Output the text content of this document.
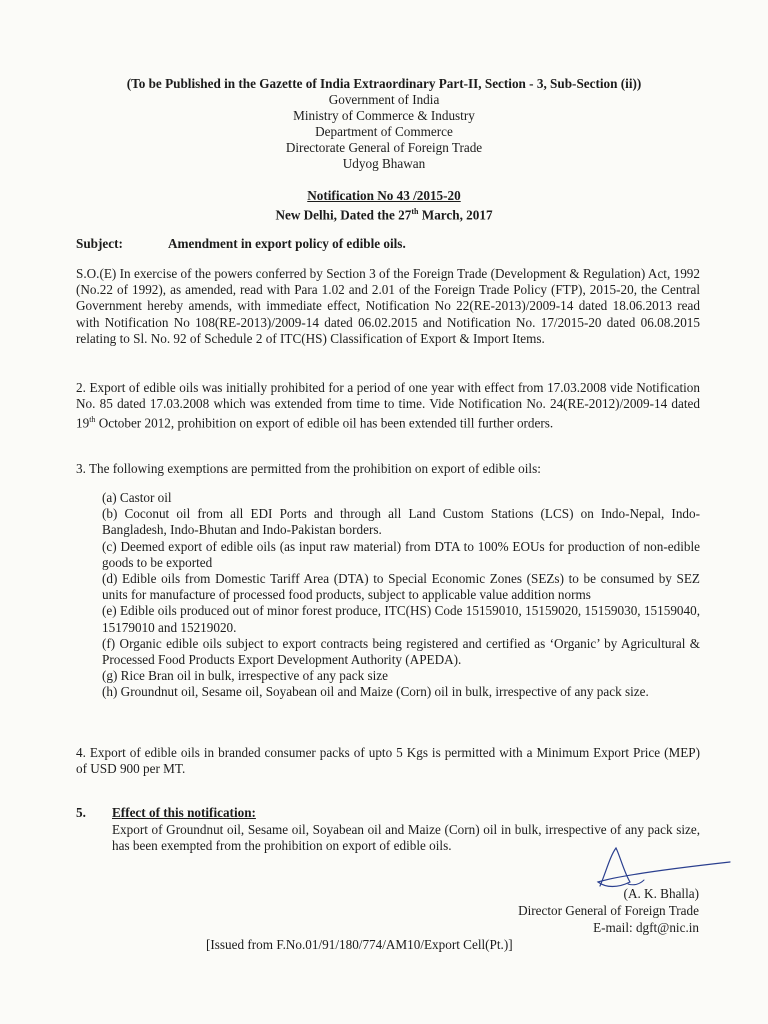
(To be Published in the Gazette of India Extraordinary Part-II, Section - 3, Sub-Section (ii))
Government of India
Ministry of Commerce & Industry
Department of Commerce
Directorate General of Foreign Trade
Udyog Bhawan
Notification No 43 /2015-20
New Delhi, Dated the 27th March, 2017
Subject:	Amendment in export policy of edible oils.
S.O.(E) In exercise of the powers conferred by Section 3 of the Foreign Trade (Development & Regulation) Act, 1992 (No.22 of 1992), as amended, read with Para 1.02 and 2.01 of the Foreign Trade Policy (FTP), 2015-20, the Central Government hereby amends, with immediate effect, Notification No 22(RE-2013)/2009-14 dated 18.06.2013 read with Notification No 108(RE-2013)/2009-14 dated 06.02.2015 and Notification No. 17/2015-20 dated 06.08.2015 relating to Sl. No. 92 of Schedule 2 of ITC(HS) Classification of Export & Import Items.
2. Export of edible oils was initially prohibited for a period of one year with effect from 17.03.2008 vide Notification No. 85 dated 17.03.2008 which was extended from time to time. Vide Notification No. 24(RE-2012)/2009-14 dated 19th October 2012, prohibition on export of edible oil has been extended till further orders.
3. The following exemptions are permitted from the prohibition on export of edible oils:
(a) Castor oil
(b) Coconut oil from all EDI Ports and through all Land Custom Stations (LCS) on Indo-Nepal, Indo-Bangladesh, Indo-Bhutan and Indo-Pakistan borders.
(c) Deemed export of edible oils (as input raw material) from DTA to 100% EOUs for production of non-edible goods to be exported
(d) Edible oils from Domestic Tariff Area (DTA) to Special Economic Zones (SEZs) to be consumed by SEZ units for manufacture of processed food products, subject to applicable value addition norms
(e) Edible oils produced out of minor forest produce, ITC(HS) Code 15159010, 15159020, 15159030, 15159040, 15179010 and 15219020.
(f) Organic edible oils subject to export contracts being registered and certified as ‘Organic’ by Agricultural & Processed Food Products Export Development Authority (APEDA).
(g) Rice Bran oil in bulk, irrespective of any pack size
(h) Groundnut oil, Sesame oil, Soyabean oil and Maize (Corn) oil in bulk, irrespective of any pack size.
4. Export of edible oils in branded consumer packs of upto 5 Kgs is permitted with a Minimum Export Price (MEP) of USD 900 per MT.
5. Effect of this notification:
Export of Groundnut oil, Sesame oil, Soyabean oil and Maize (Corn) oil in bulk, irrespective of any pack size, has been exempted from the prohibition on export of edible oils.
(A. K. Bhalla)
Director General of Foreign Trade
E-mail: dgft@nic.in
[Issued from F.No.01/91/180/774/AM10/Export Cell(Pt.)]
